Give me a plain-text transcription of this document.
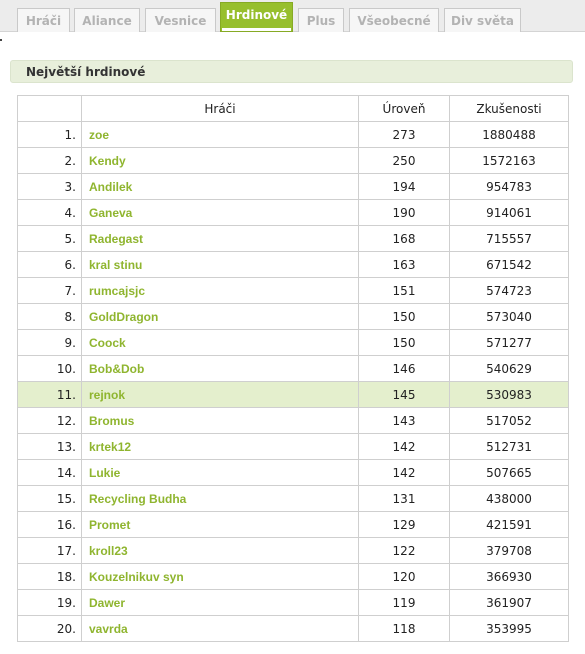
Hráči	Aliance	Vesnice	Hrdinové	Plus	Všeobecné	Div světa
Největší hrdinové
	Hráči	Úroveň	Zkušenosti
1.	zoe	273	1880488
2.	Kendy	250	1572163
3.	Andilek	194	954783
4.	Ganeva	190	914061
5.	Radegast	168	715557
6.	kral stinu	163	671542
7.	rumcajsjc	151	574723
8.	GoldDragon	150	573040
9.	Coock	150	571277
10.	Bob&Dob	146	540629
11.	rejnok	145	530983
12.	Bromus	143	517052
13.	krtek12	142	512731
14.	Lukie	142	507665
15.	Recycling Budha	131	438000
16.	Promet	129	421591
17.	kroll23	122	379708
18.	Kouzelnikuv syn	120	366930
19.	Dawer	119	361907
20.	vavrda	118	353995
